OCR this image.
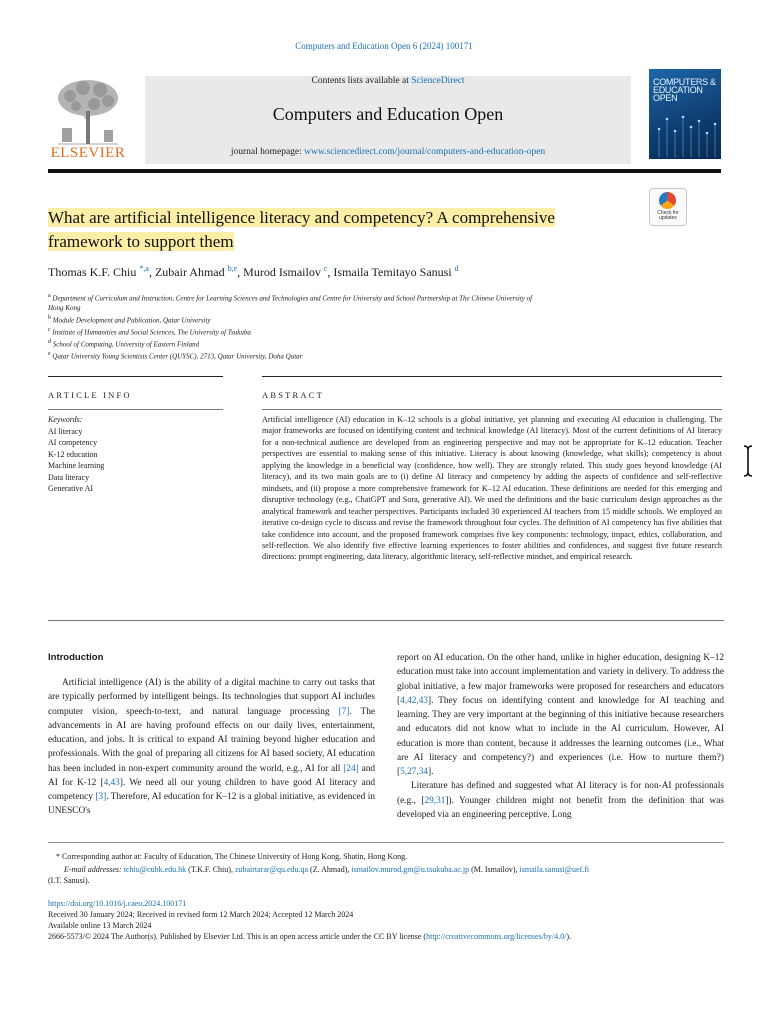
Computers and Education Open 6 (2024) 100171
ELSEVIER
Contents lists available at ScienceDirect
Computers and Education Open
journal homepage: www.sciencedirect.com/journal/computers-and-education-open
COMPUTERS & EDUCATION OPEN
Check for updates
What are artificial intelligence literacy and competency? A comprehensive
framework to support them
Thomas K.F. Chiu $^{*,a}$, Zubair Ahmad $^{b,e}$, Murod Ismailov $^c$, Ismaila Temitayo Sanusi $^d$
a Department of Curriculum and Instruction, Centre for Learning Sciences and Technologies and Centre for University and School Partnership at The Chinese University of
Hong Kong
b Module Development and Publication, Qatar University
c Institute of Humanities and Social Sciences, The University of Tsukuba
d School of Computing, University of Eastern Finland
e Qatar University Young Scientists Center (QUYSC), 2713, Qatar University, Doha Qatar
ARTICLE INFO	ABSTRACT
Keywords:
AI literacy
AI competency
K-12 education
Machine learning
Data literacy
Generative AI
Artificial intelligence (AI) education in K–12 schools is a global initiative, yet planning and executing AI education is challenging. The major frameworks are focused on identifying content and technical knowledge (AI literacy). Most of the current definitions of AI literacy for a non-technical audience are developed from an engineering perspective and may not be appropriate for K–12 education. Teacher perspectives are essential to making sense of this initiative. Literacy is about knowing (knowledge, what skills); competency is about applying the knowledge in a beneficial way (confidence, how well). They are strongly related. This study goes beyond knowledge (AI literacy), and its two main goals are to (i) define AI literacy and competency by adding the aspects of confidence and self-reflective mindsets, and (ii) propose a more comprehensive framework for K–12 AI education. These definitions are needed for this emerging and disruptive technology (e.g., ChatGPT and Sora, generative AI). We used the definitions and the basic curriculum design approaches as the analytical framework and teacher perspectives. Participants included 30 experienced AI teachers from 15 middle schools. We employed an iterative co-design cycle to discuss and revise the framework throughout four cycles. The definition of AI competency has five abilities that take confidence into account, and the proposed framework comprises five key components: technology, impact, ethics, collaboration, and self-reflection. We also identify five effective learning experiences to foster abilities and confidences, and suggest five future research directions: prompt engineering, data literacy, algorithmic literacy, self-reflective mindset, and empirical research.
Introduction
Artificial intelligence (AI) is the ability of a digital machine to carry out tasks that are typically performed by intelligent beings. Its technologies that support AI includes computer vision, speech-to-text, and natural language processing [7]. The advancements in AI are having profound effects on our daily lives, entertainment, education, and jobs. It is critical to expand AI training beyond higher education and professionals. With the goal of preparing all citizens for AI based society, AI education has been included in non-expert community around the world, e.g., AI for all [24] and AI for K-12 [4,43]. We need all our young children to have good AI literacy and competency [3]. Therefore, AI education for K–12 is a global initiative, as evidenced in UNESCO's
report on AI education. On the other hand, unlike in higher education, designing K–12 education must take into account implementation and variety in delivery. To address the global initiative, a few major frameworks were proposed for researchers and educators [4,42,43]. They focus on identifying content and knowledge for AI teaching and learning. They are very important at the beginning of this initiative because researchers and educators did not know what to include in the AI curriculum. However, AI education is more than content, because it addresses the learning outcomes (i.e., What are AI literacy and competency?) and experiences (i.e. How to nurture them?) [5,27,34].
Literature has defined and suggested what AI literacy is for non-AI professionals (e.g., [29,31]). Younger children might not benefit from the definition that was developed via an engineering perceptive. Long
* Corresponding author at: Faculty of Education, The Chinese University of Hong Kong, Shatin, Hong Kong.
E-mail addresses: tchiu@cuhk.edu.hk (T.K.F. Chiu), zubairtarar@qu.edu.qa (Z. Ahmad), ismailov.murod.gm@u.tsukuba.ac.jp (M. Ismailov), ismaila.sanusi@uef.fi
(I.T. Sanusi).
https://doi.org/10.1016/j.caeo.2024.100171
Received 30 January 2024; Received in revised form 12 March 2024; Accepted 12 March 2024
Available online 13 March 2024
2666-5573/© 2024 The Author(s). Published by Elsevier Ltd. This is an open access article under the CC BY license (http://creativecommons.org/licenses/by/4.0/).
